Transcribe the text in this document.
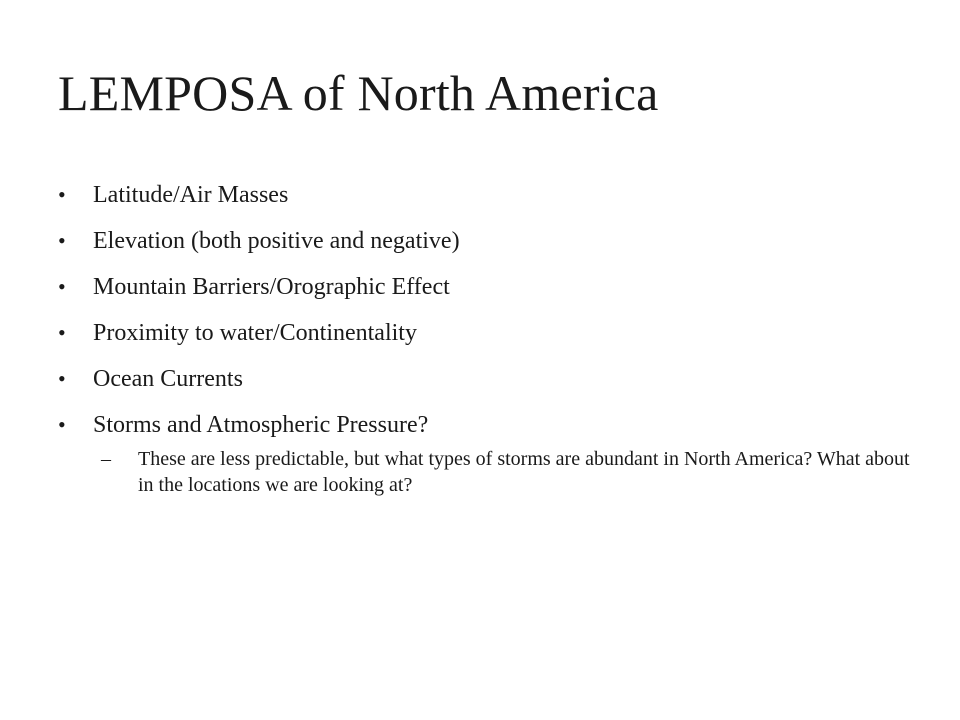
LEMPOSA of North America
•	Latitude/Air Masses
•	Elevation (both positive and negative)
•	Mountain Barriers/Orographic Effect
•	Proximity to water/Continentality
•	Ocean Currents
•	Storms and Atmospheric Pressure?
–	These are less predictable, but what types of storms are abundant in North America? What about in the locations we are looking at?
